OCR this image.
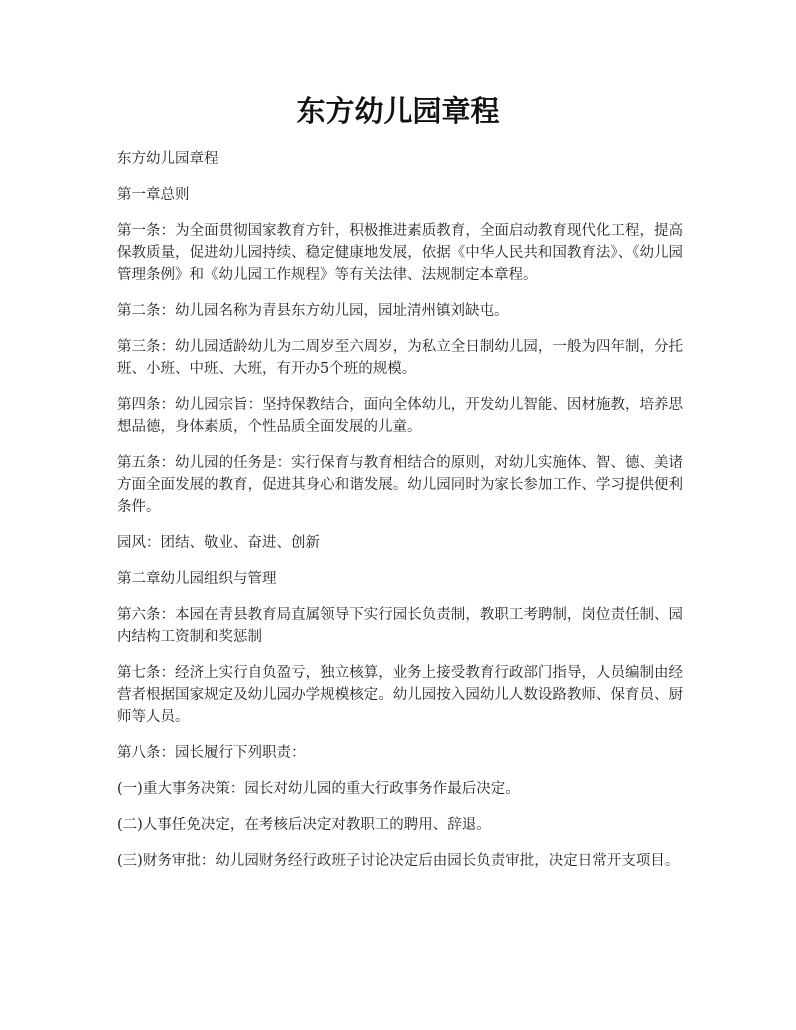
东方幼儿园章程

东方幼儿园章程

第一章总则

第一条：为全面贯彻国家教育方针，积极推进素质教育，全面启动教育现代化工程，提高保教质量，促进幼儿园持续、稳定健康地发展，依据《中华人民共和国教育法》、《幼儿园管理条例》和《幼儿园工作规程》等有关法律、法规制定本章程。

第二条：幼儿园名称为青县东方幼儿园，园址清州镇刘缺屯。

第三条：幼儿园适龄幼儿为二周岁至六周岁，为私立全日制幼儿园，一般为四年制，分托班、小班、中班、大班，有开办5个班的规模。

第四条：幼儿园宗旨：坚持保教结合，面向全体幼儿，开发幼儿智能、因材施教，培养思想品德，身体素质，个性品质全面发展的儿童。

第五条：幼儿园的任务是：实行保育与教育相结合的原则，对幼儿实施体、智、德、美诸方面全面发展的教育，促进其身心和谐发展。幼儿园同时为家长参加工作、学习提供便利条件。

园风：团结、敬业、奋进、创新

第二章幼儿园组织与管理

第六条：本园在青县教育局直属领导下实行园长负责制，教职工考聘制，岗位责任制、园内结构工资制和奖惩制

第七条：经济上实行自负盈亏，独立核算，业务上接受教育行政部门指导，人员编制由经营者根据国家规定及幼儿园办学规模核定。幼儿园按入园幼儿人数设路教师、保育员、厨师等人员。

第八条：园长履行下列职责：

(一)重大事务决策：园长对幼儿园的重大行政事务作最后决定。

(二)人事任免决定，在考核后决定对教职工的聘用、辞退。

(三)财务审批：幼儿园财务经行政班子讨论决定后由园长负责审批，决定日常开支项目。
